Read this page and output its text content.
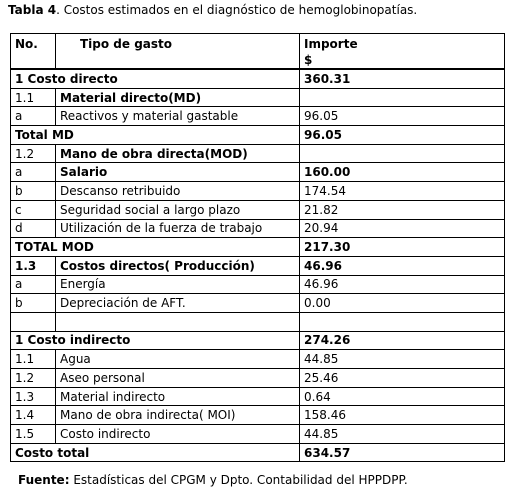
Tabla 4. Costos estimados en el diagnóstico de hemoglobinopatías.
No.	Tipo de gasto	Importe
$

1 Costo directo		360.31
1.1	Material directo(MD)	
a	Reactivos y material gastable	96.05
Total MD		96.05
1.2	Mano de obra directa(MOD)	
a	Salario	160.00
b	Descanso retribuido	174.54
c	Seguridad social a largo plazo	21.82
d	Utilización de la fuerza de trabajo	20.94
TOTAL MOD		217.30
1.3	Costos directos( Producción)	46.96
a	Energía	46.96
b	Depreciación de AFT.	0.00

1 Costo indirecto		274.26
1.1	Agua	44.85
1.2	Aseo personal	25.46
1.3	Material indirecto	0.64
1.4	Mano de obra indirecta( MOI)	158.46
1.5	Costo indirecto	44.85
Costo total		634.57
Fuente: Estadísticas del CPGM y Dpto. Contabilidad del HPPDPP.
